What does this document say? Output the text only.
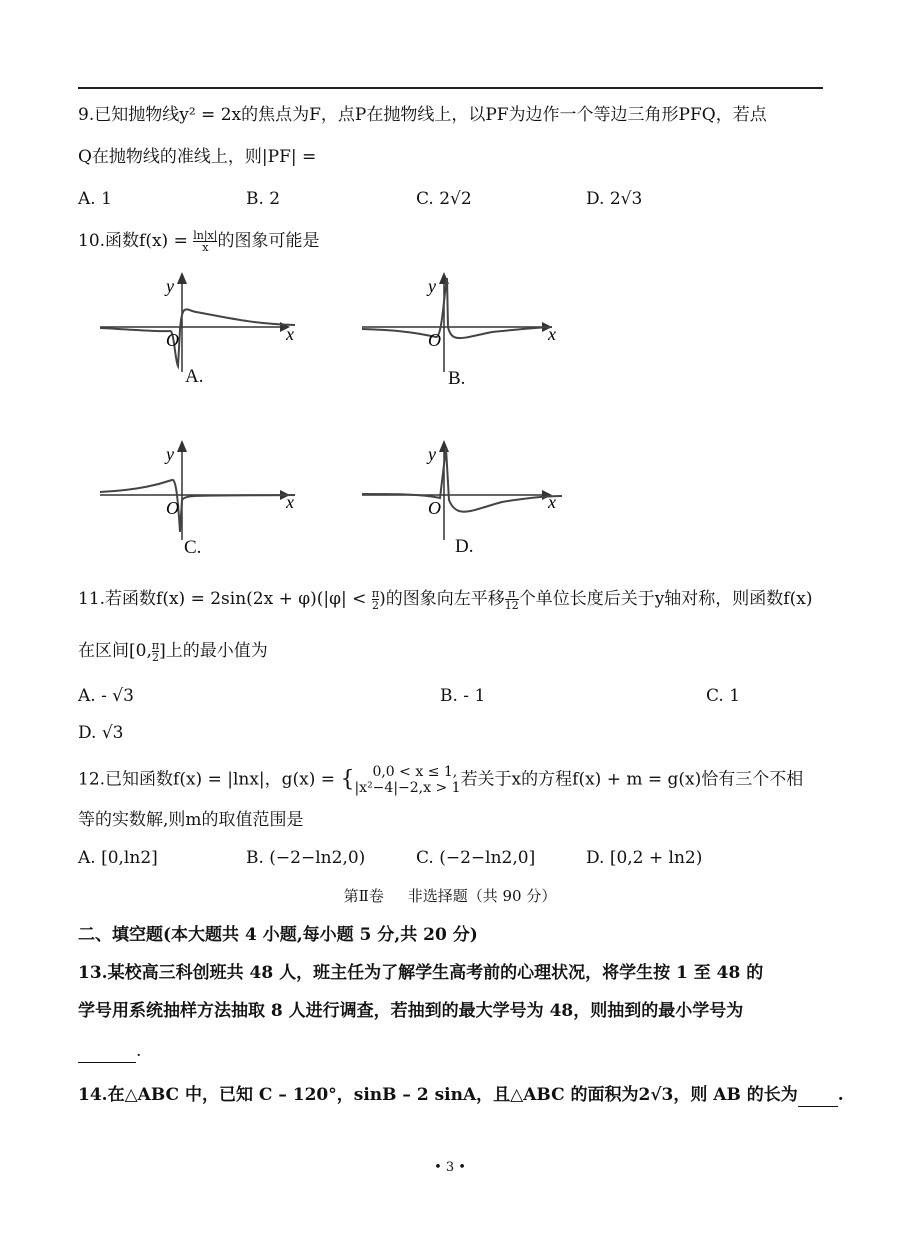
9.已知抛物线y² = 2x的焦点为F，点P在抛物线上，以PF为边作一个等边三角形PFQ，若点
Q在抛物线的准线上，则|PF| =
A. 1	B. 2	C. 2√2	D. 2√3
10.函数$f(x) = \frac{\ln|x|}{x}$ 的图象可能是
y
x
O
A.
y
x
O
B.
y
x
O
C.
y
x
O
D.
11.若函数$f(x) = 2\sin(2x + \varphi)(|\varphi| < \frac{\pi}{2}$ )的图象向左平移 $\frac{\pi}{12}$ 个单位长度后关于y轴对称，则函数f(x)
在区间[0, $\frac{\pi}{2}$ ]上的最小值为
A. - √3	B. - 1	C. 1
D. √3
12.已知函数f(x) = |lnx|，g(x) = {	0,0 < x ≤ 1,
|x²−4|−2,x > 1 若关于x的方程f(x) + m = g(x)恰有三个不相
等的实数解,则m的取值范围是
A. [0,ln2]	B. (−2−ln2,0)	C. (−2−ln2,0]	D. [0,2 + ln2)
第Ⅱ卷     非选择题（共 90 分）
二、填空题(本大题共 4 小题,每小题 5 分,共 20 分)
13.某校高三科创班共 48 人，班主任为了解学生高考前的心理状况，将学生按 1 至 48 的
学号用系统抽样方法抽取 8 人进行调查，若抽到的最大学号为 48，则抽到的最小学号为
.
14.在△ABC 中，已知 C – 120°，sinB – 2 sinA，且△ABC 的面积为2√3，则 AB 的长为 .
• 3 •
